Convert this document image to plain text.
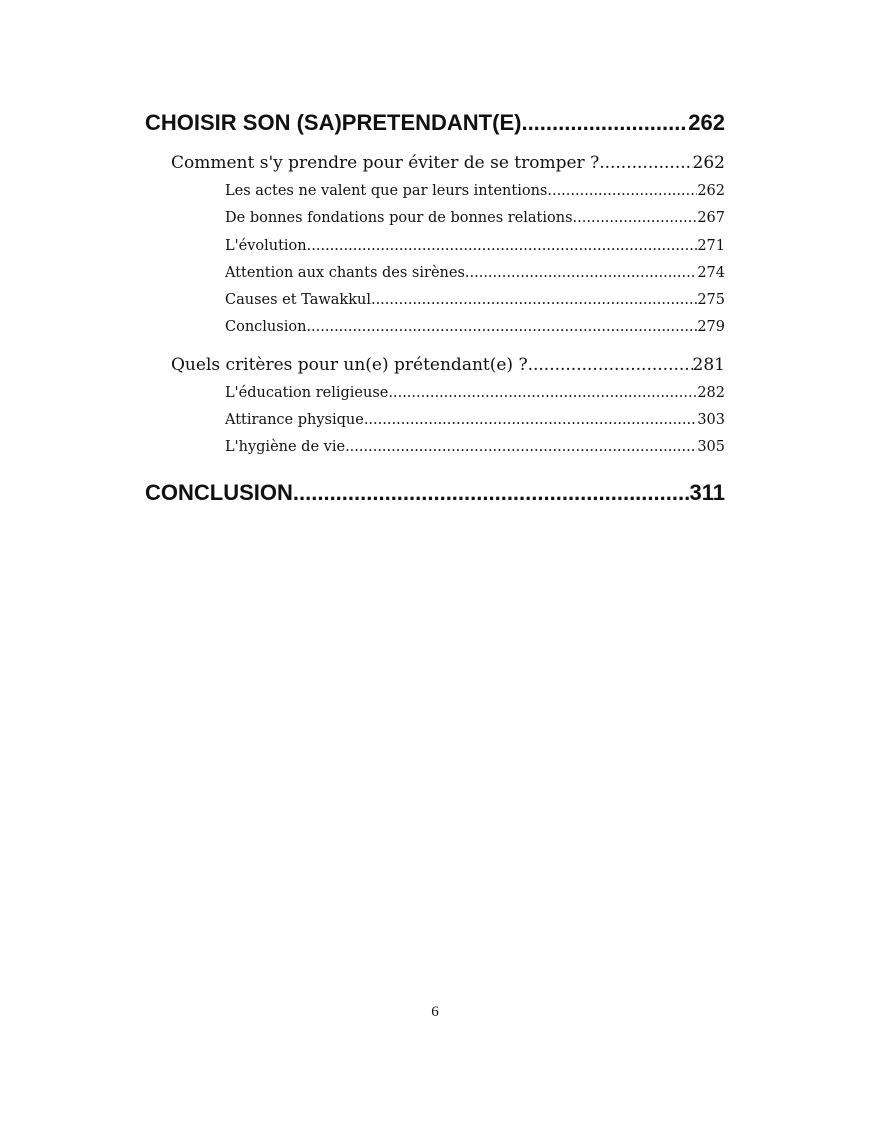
CHOISIR SON (SA)PRETENDANT(E) .....	262
Comment s'y prendre pour éviter de se tromper ? .....	262
Les actes ne valent que par leurs intentions .....	262
De bonnes fondations pour de bonnes relations. .....	267
L'évolution .....	271
Attention aux chants des sirènes .....	274
Causes et Tawakkul .....	275
Conclusion .....	279
Quels critères pour un(e) prétendant(e) ? .....	281
L'éducation religieuse .....	282
Attirance physique .....	303
L'hygiène de vie .....	305
CONCLUSION .....	311
6
